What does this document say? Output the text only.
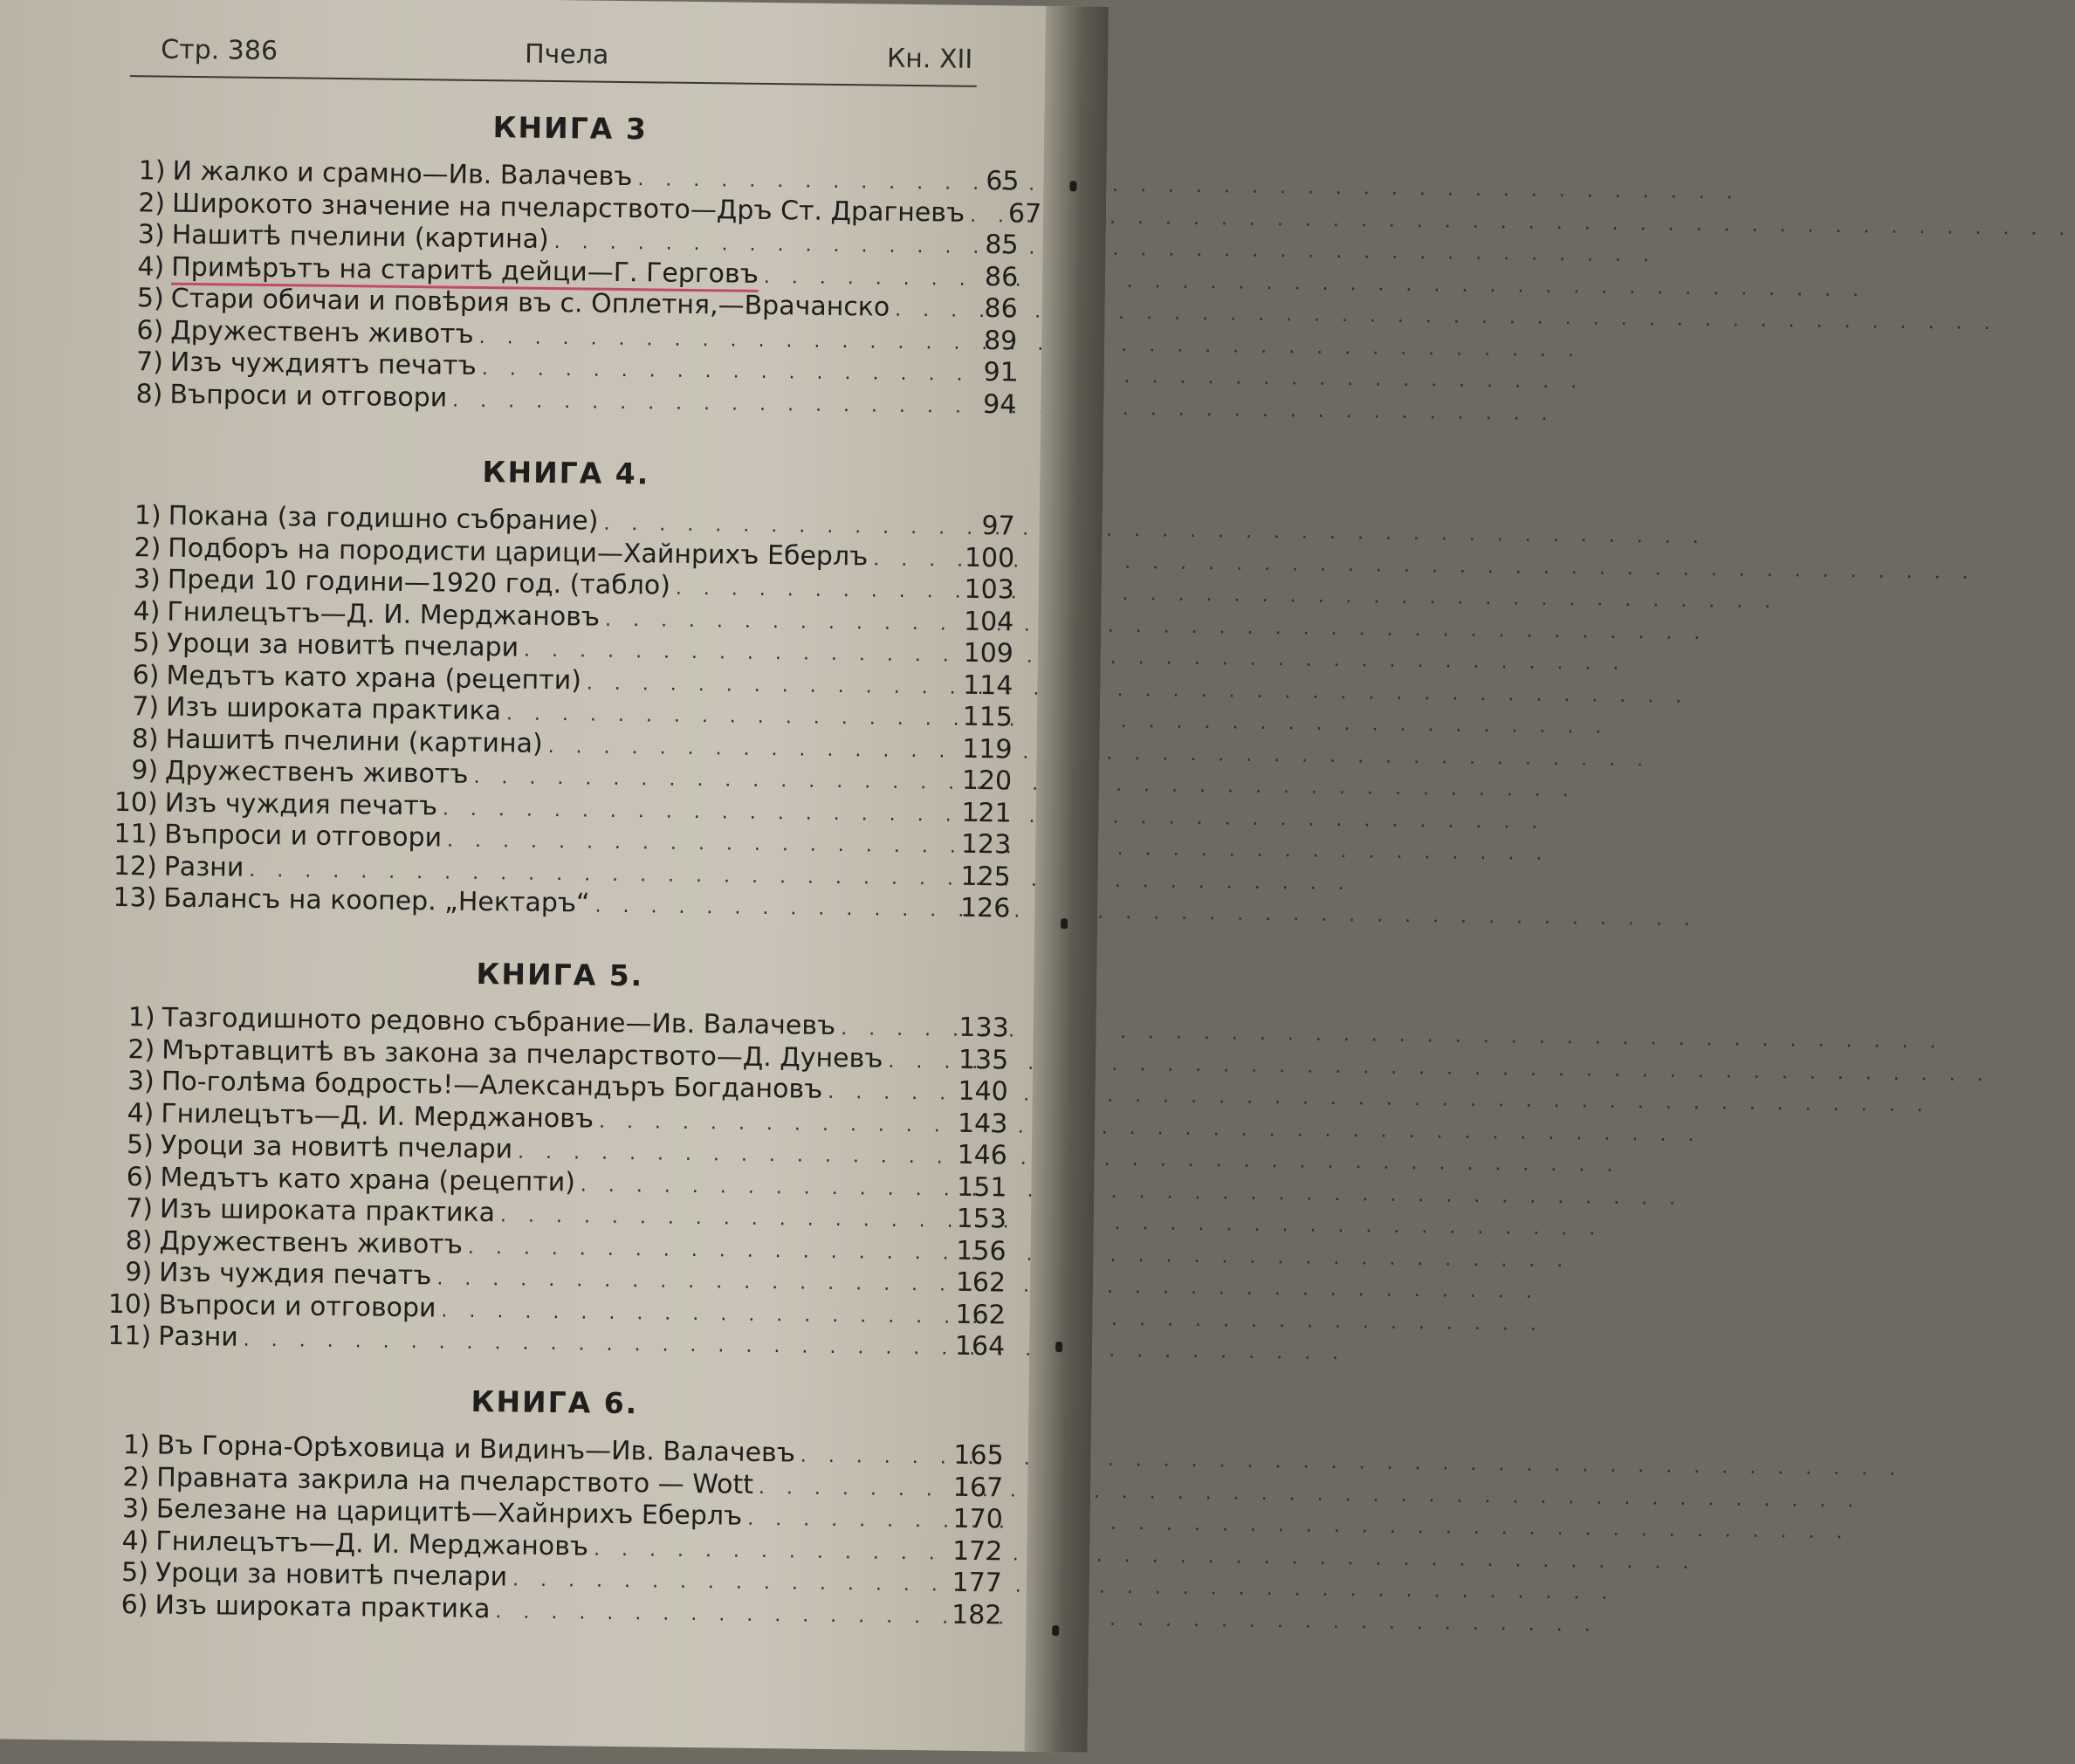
Стр. 386	Пчела	Кн. XII
КНИГА 3
1) И жалко и срамно—Ив. Валачевъ . . .	65
2) Широкото значение на пчеларството—Дръ Ст. Драгневъ . . .	67
3) Нашитѣ пчелини (картина) . . .	85
4) Примѣрътъ на старитѣ дейци—Г. Герговъ . . .	86
5) Стари обичаи и повѣрия въ с. Оплетня,—Врачанско . . .	86
6) Дружественъ животъ . . .	89
7) Изъ чуждиятъ печатъ . . .	91
8) Въпроси и отговори . . .	94
КНИГА 4.
1) Покана (за годишно събрание) . . .	97
2) Подборъ на породисти царици—Хайнрихъ Еберлъ . . .	100
3) Преди 10 години—1920 год. (табло) . . .	103
4) Гнилецътъ—Д. И. Мерджановъ . . .	104
5) Уроци за новитѣ пчелари . . .	109
6) Медътъ като храна (рецепти) . . .	114
7) Изъ широката практика . . .	115
8) Нашитѣ пчелини (картина) . . .	119
9) Дружественъ животъ . . .	120
10) Изъ чуждия печатъ . . .	121
11) Въпроси и отговори . . .	123
12) Разни . . .	125
13) Балансъ на коопер. „Нектаръ“ . . .	126
КНИГА 5.
1) Тазгодишното редовно събрание—Ив. Валачевъ . . .	133
2) Мъртавцитѣ въ закона за пчеларството—Д. Дуневъ . . .	135
3) По-голѣма бодрость!—Александъръ Богдановъ . . .	140
4) Гнилецътъ—Д. И. Мерджановъ . . .	143
5) Уроци за новитѣ пчелари . . .	146
6) Медътъ като храна (рецепти) . . .	151
7) Изъ широката практика . . .	153
8) Дружественъ животъ . . .	156
9) Изъ чуждия печатъ . . .	162
10) Въпроси и отговори . . .	162
11) Разни . . .	164
КНИГА 6.
1) Въ Горна-Орѣховица и Видинъ—Ив. Валачевъ . . .	165
2) Правната закрила на пчеларството — Wott . . .	167
3) Белезане на царицитѣ—Хайнрихъ Еберлъ . . .	170
4) Гнилецътъ—Д. И. Мерджановъ . . .	172
5) Уроци за новитѣ пчелари . . .	177
6) Изъ широката практика . . .	182
